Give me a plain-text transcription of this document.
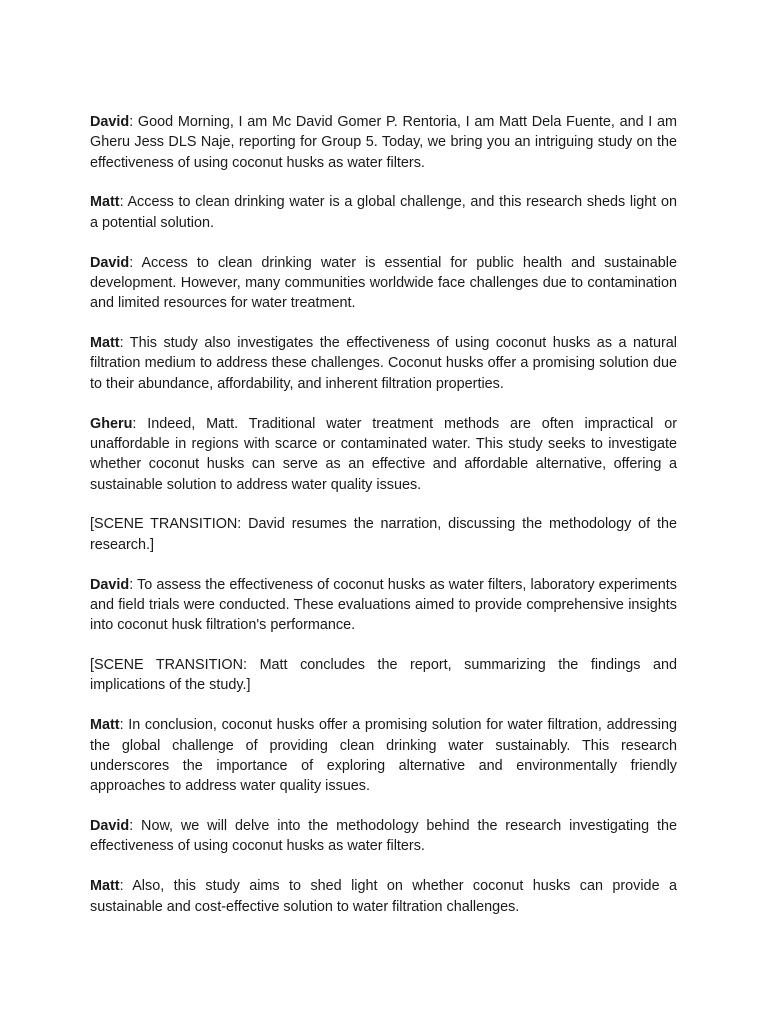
David: Good Morning, I am Mc David Gomer P. Rentoria, I am Matt Dela Fuente, and I am Gheru Jess DLS Naje, reporting for Group 5. Today, we bring you an intriguing study on the effectiveness of using coconut husks as water filters.

Matt: Access to clean drinking water is a global challenge, and this research sheds light on a potential solution.

David: Access to clean drinking water is essential for public health and sustainable development. However, many communities worldwide face challenges due to contamination and limited resources for water treatment.

Matt: This study also investigates the effectiveness of using coconut husks as a natural filtration medium to address these challenges. Coconut husks offer a promising solution due to their abundance, affordability, and inherent filtration properties.

Gheru: Indeed, Matt. Traditional water treatment methods are often impractical or unaffordable in regions with scarce or contaminated water. This study seeks to investigate whether coconut husks can serve as an effective and affordable alternative, offering a sustainable solution to address water quality issues.

[SCENE TRANSITION: David resumes the narration, discussing the methodology of the research.]

David: To assess the effectiveness of coconut husks as water filters, laboratory experiments and field trials were conducted. These evaluations aimed to provide comprehensive insights into coconut husk filtration's performance.

[SCENE TRANSITION: Matt concludes the report, summarizing the findings and implications of the study.]

Matt: In conclusion, coconut husks offer a promising solution for water filtration, addressing the global challenge of providing clean drinking water sustainably. This research underscores the importance of exploring alternative and environmentally friendly approaches to address water quality issues.

David: Now, we will delve into the methodology behind the research investigating the effectiveness of using coconut husks as water filters.

Matt: Also, this study aims to shed light on whether coconut husks can provide a sustainable and cost-effective solution to water filtration challenges.
